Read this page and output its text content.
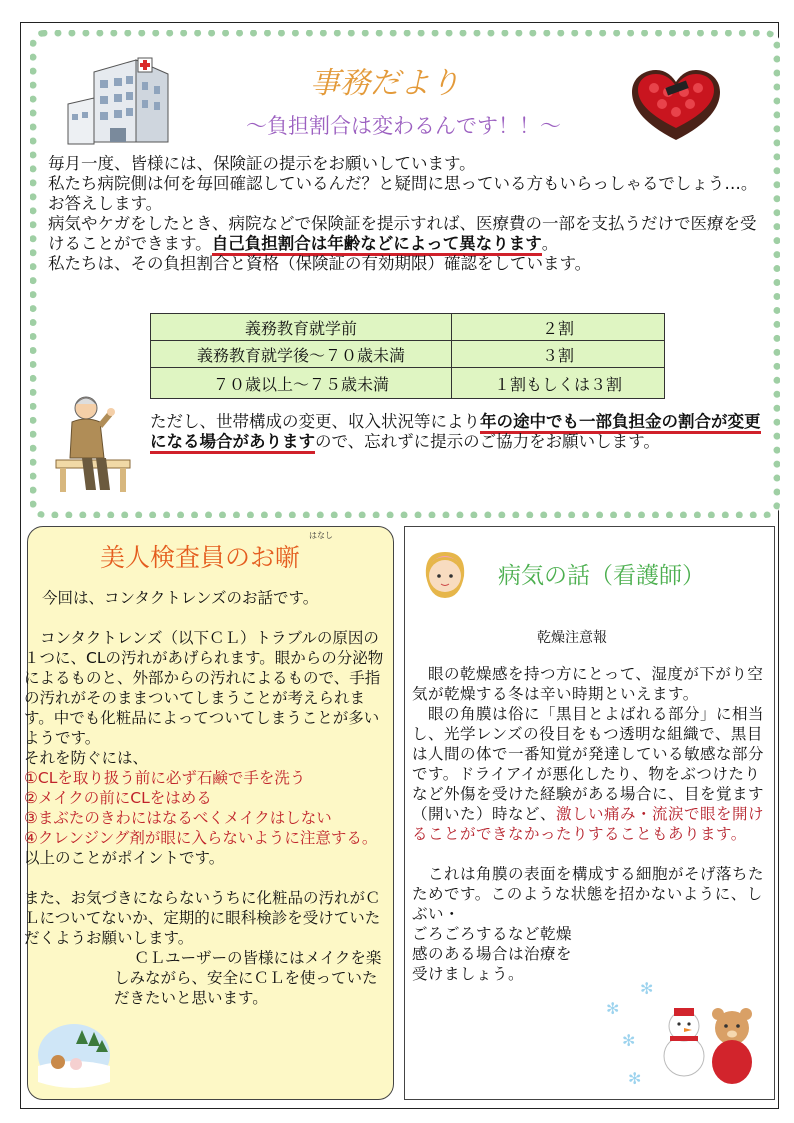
事務だより
～負担割合は変わるんです！！～

毎月一度、皆様には、保険証の提示をお願いしています。

私たち病院側は何を毎回確認しているんだ？と疑問に思っている方もいらっしゃるでしょう…。

お答えします。

病気やケガをしたとき、病院などで保険証を提示すれば、医療費の一部を支払うだけで医療を受けることができます。自己負担割合は年齢などによって異なります。

私たちは、その負担割合と資格（保険証の有効期限）確認をしています。

義務教育就学前	２割
義務教育就学後～７０歳未満	３割
７０歳以上～７５歳未満	１割もしくは３割
ただし、世帯構成の変更、収入状況等により年の途中でも一部負担金の割合が変更になる場合がありますので、忘れずに提示のご協力をお願いします。
美人検査員のお噺
はなし

今回は、コンタクトレンズのお話です。

コンタクトレンズ（以下ＣＬ）トラブルの原因の１つに、CLの汚れがあげられます。眼からの分泌物によるものと、外部からの汚れによるもので、手指の汚れがそのままついてしまうことが考えられます。中でも化粧品によってついてしまうことが多いようです。

それを防ぐには、

①CLを取り扱う前に必ず石鹸で手を洗う

②メイクの前にCLをはめる

③まぶたのきわにはなるべくメイクはしない

④クレンジング剤が眼に入らないように注意する。

以上のことがポイントです。

また、お気づきにならないうちに化粧品の汚れがＣＬについてないか、定期的に眼科検診を受けていただくようお願いします。

ＣＬユーザーの皆様にはメイクを楽しみながら、安全にＣＬを使っていただきたいと思います。

病気の話（看護師）
乾燥注意報

眼の乾燥感を持つ方にとって、湿度が下がり空気が乾燥する冬は辛い時期といえます。

眼の角膜は俗に「黒目とよばれる部分」に相当し、光学レンズの役目をもつ透明な組織で、黒目は人間の体で一番知覚が発達している敏感な部分です。ドライアイが悪化したり、物をぶつけたりなど外傷を受けた経験がある場合に、目を覚ます（開いた）時など、激しい痛み・流涙で眼を開けることができなかったりすることもあります。

これは角膜の表面を構成する細胞がそげ落ちたためです。このような状態を招かないように、しぶい・

ごろごろするなど乾燥

感のある場合は治療を

受けましょう。

✻
✻
✻
✻
